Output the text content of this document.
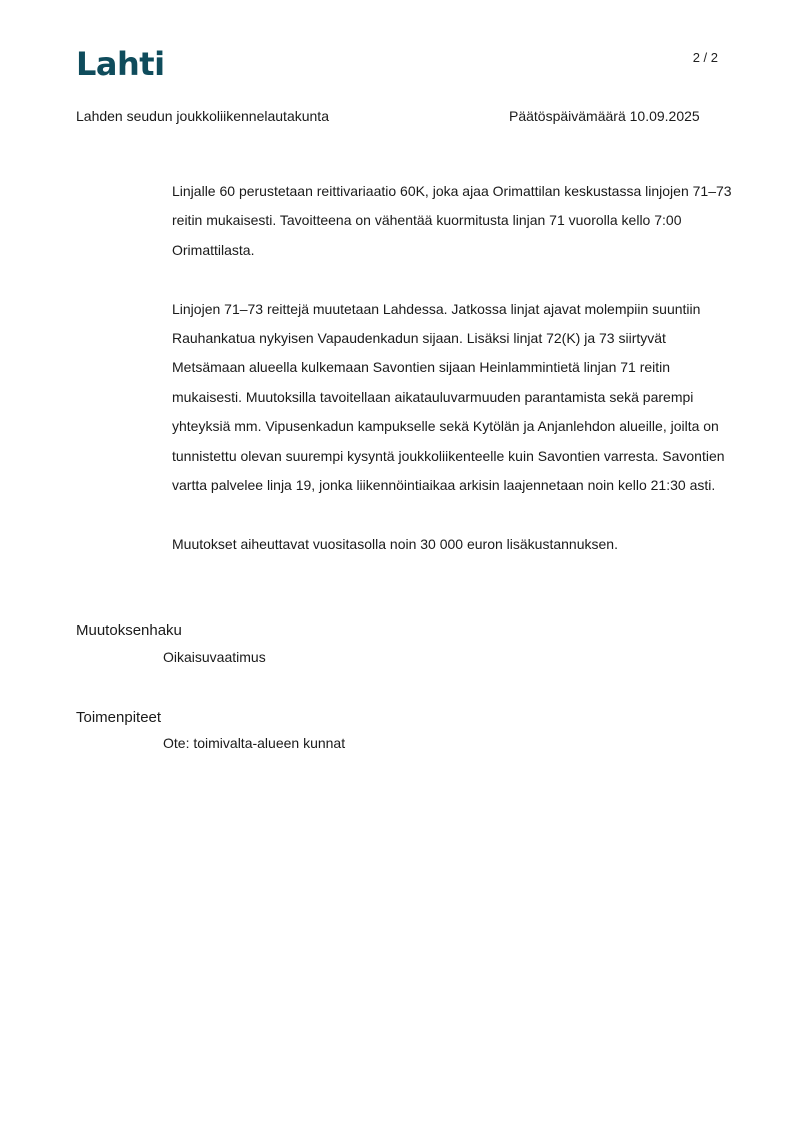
Lahti	2 / 2
Lahden seudun joukkoliikennelautakunta	Päätöspäivämäärä 10.09.2025

Linjalle 60 perustetaan reittivariaatio 60K, joka ajaa Orimattilan keskustassa linjojen 71–73 reitin mukaisesti. Tavoitteena on vähentää kuormitusta linjan 71 vuorolla kello 7:00 Orimattilasta.

Linjojen 71–73 reittejä muutetaan Lahdessa. Jatkossa linjat ajavat molempiin suuntiin Rauhankatua nykyisen Vapaudenkadun sijaan. Lisäksi linjat 72(K) ja 73 siirtyvät Metsämaan alueella kulkemaan Savontien sijaan Heinlammintietä linjan 71 reitin mukaisesti. Muutoksilla tavoitellaan aikatauluvarmuuden parantamista sekä parempi yhteyksiä mm. Vipusenkadun kampukselle sekä Kytölän ja Anjanlehdon alueille, joilta on tunnistettu olevan suurempi kysyntä joukkoliikenteelle kuin Savontien varresta. Savontien vartta palvelee linja 19, jonka liikennöintiaikaa arkisin laajennetaan noin kello 21:30 asti.

Muutokset aiheuttavat vuositasolla noin 30 000 euron lisäkustannuksen.

Muutoksenhaku
Oikaisuvaatimus
Toimenpiteet
Ote: toimivalta-alueen kunnat
